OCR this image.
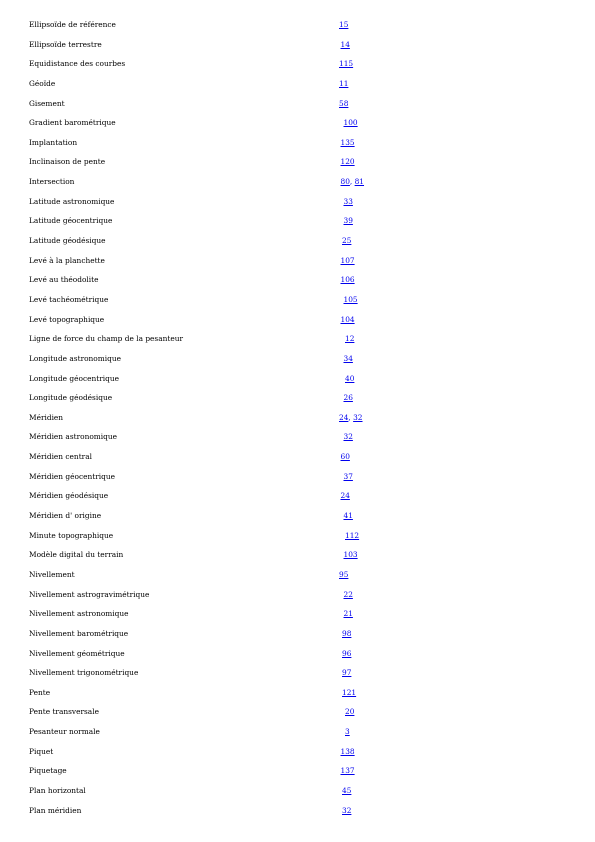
Ellipsoïde de référence	15
Ellipsoïde terrestre	14
Equidistance des courbes	115
Géoïde	11
Gisement	58
Gradient barométrique	100
Implantation	135
Inclinaison de pente	120
Intersection	80, 81
Latitude astronomique	33
Latitude géocentrique	39
Latitude géodésique	25
Levé à la planchette	107
Levé au théodolite	106
Levé tachéométrique	105
Levé topographique	104
Ligne de force du champ de la pesanteur	12
Longitude astronomique	34
Longitude géocentrique	40
Longitude géodésique	26
Méridien	24, 32
Méridien astronomique	32
Méridien central	60
Méridien géocentrique	37
Méridien géodésique	24
Méridien d' origine	41
Minute topographique	112
Modèle digital du terrain	103
Nivellement	95
Nivellement astrogravimétrique	22
Nivellement astronomique	21
Nivellement barométrique	98
Nivellement géométrique	96
Nivellement trigonométrique	97
Pente	121
Pente transversale	20
Pesanteur normale	3
Piquet	138
Piquetage	137
Plan horizontal	45
Plan méridien	32
